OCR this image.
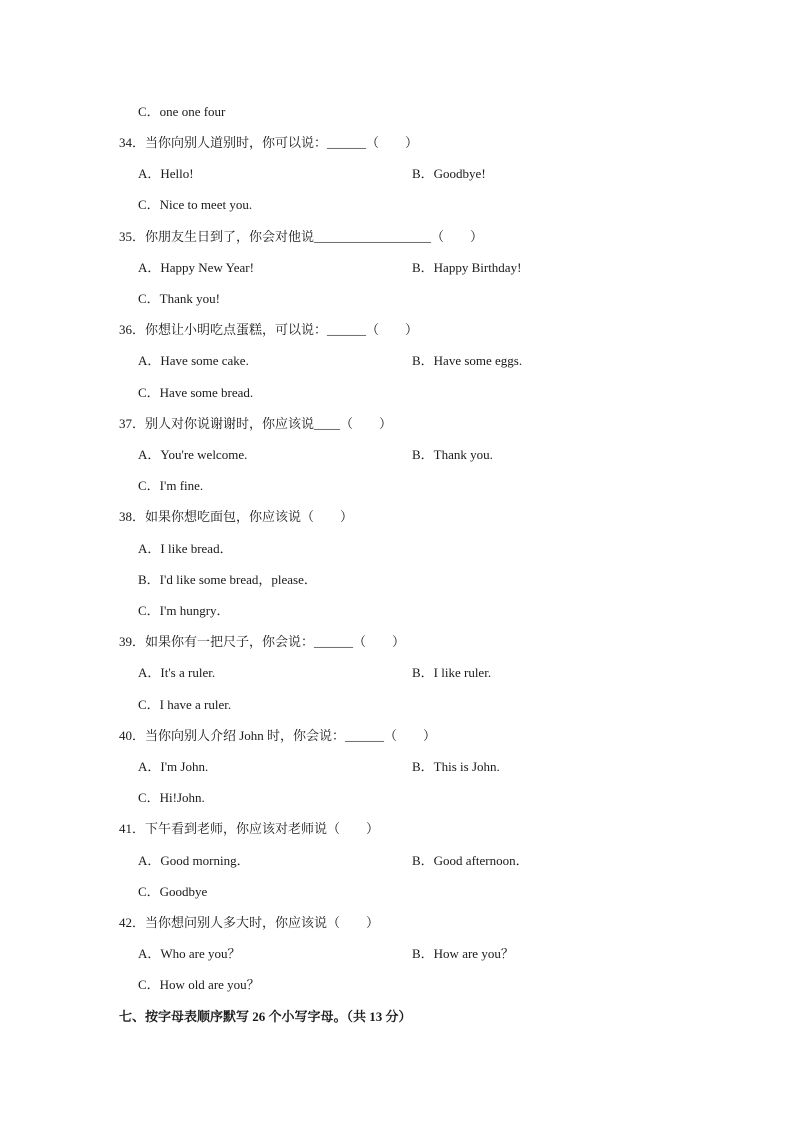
C．one one four
34．当你向别人道别时，你可以说：______（　　）
A．Hello!	B．Goodbye!
C．Nice to meet you.
35．你朋友生日到了，你会对他说__________________（　　）
A．Happy New Year!	B．Happy Birthday!
C．Thank you!
36．你想让小明吃点蛋糕，可以说：______（　　）
A．Have some cake.	B．Have some eggs.
C．Have some bread.
37．别人对你说谢谢时，你应该说____（　　）
A．You're welcome.	B．Thank you.
C．I'm fine.
38．如果你想吃面包，你应该说（　　）
A．I like bread．
B．I'd like some bread，please．
C．I'm hungry．
39．如果你有一把尺子，你会说：______（　　）
A．It's a ruler.	B．I like ruler.
C．I have a ruler.
40．当你向别人介绍 John 时，你会说：______（　　）
A．I'm John.	B．This is John.
C．Hi!John.
41．下午看到老师，你应该对老师说（　　）
A．Good morning．	B．Good afternoon．
C．Goodbye
42．当你想问别人多大时，你应该说（　　）
A．Who are you？	B．How are you？
C．How old are you？
七、按字母表顺序默写 26 个小写字母。（共 13 分）
